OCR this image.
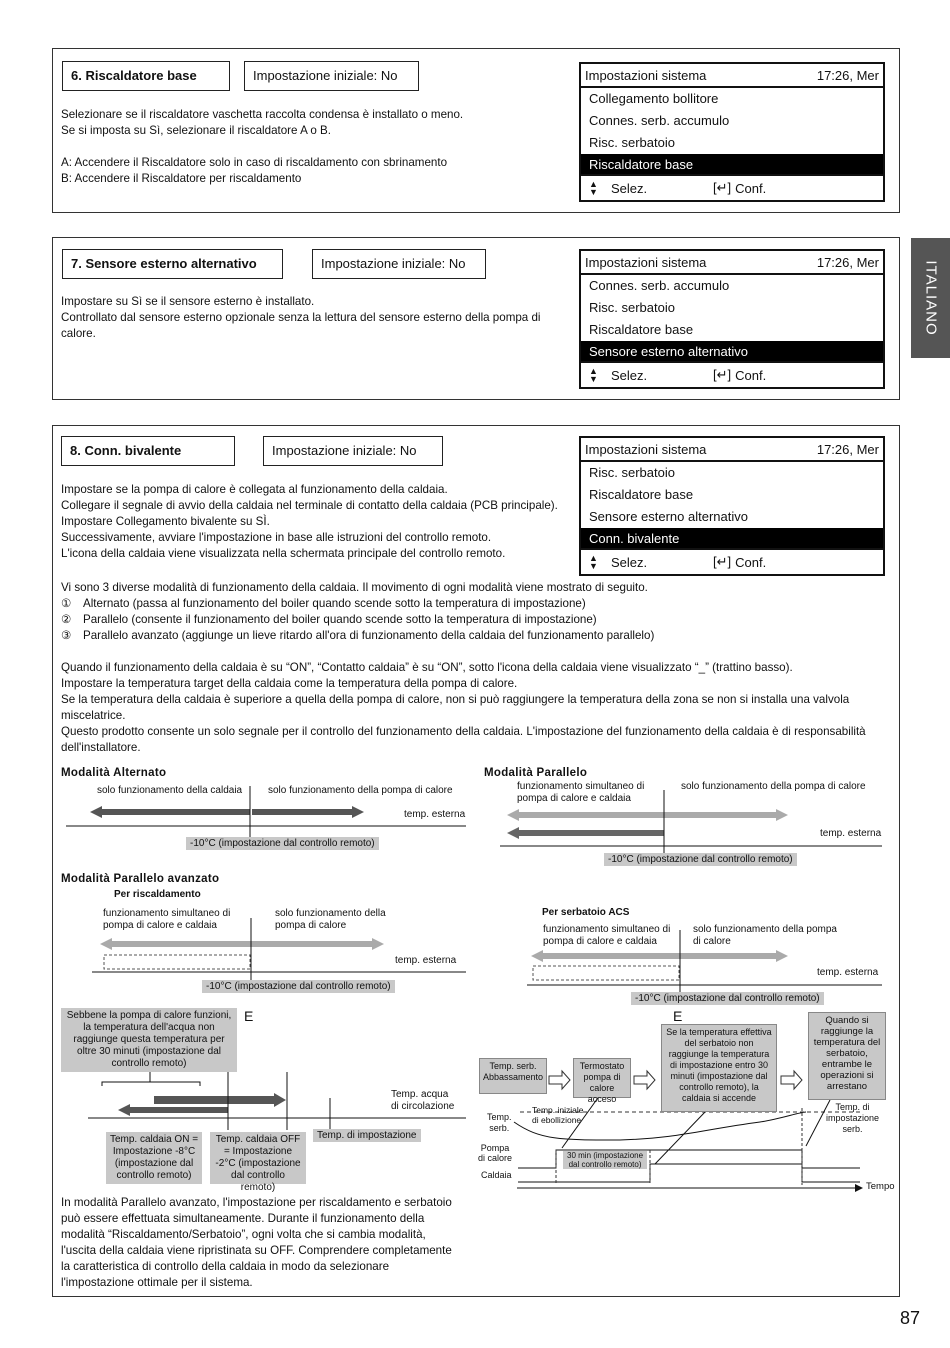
ITALIANO
6. Riscaldatore base	Impostazione iniziale: No

Selezionare se il riscaldatore vaschetta raccolta condensa è installato o meno.

Se si imposta su Sì, selezionare il riscaldatore A o B.

A: Accendere il Riscaldatore solo in caso di riscaldamento con sbrinamento

B: Accendere il Riscaldatore per riscaldamento

Impostazioni sistema	17:26, Mer
Collegamento bollitore
Connes. serb. accumulo
Risc. serbatoio
Riscaldatore base
▲
▼	Selez.	[↵] Conf.
7. Sensore esterno alternativo	Impostazione iniziale: No

Impostare su Sì se il sensore esterno è installato.

Controllato dal sensore esterno opzionale senza la lettura del sensore esterno della pompa di

calore.

Impostazioni sistema	17:26, Mer
Connes. serb. accumulo
Risc. serbatoio
Riscaldatore base
Sensore esterno alternativo
▲
▼	Selez.	[↵] Conf.
8. Conn. bivalente	Impostazione iniziale: No	Impostazioni sistema	17:26, Mer
Risc. serbatoio
Riscaldatore base
Sensore esterno alternativo
Conn. bivalente
▲
▼	Selez.	[↵] Conf.

Impostare se la pompa di calore è collegata al funzionamento della caldaia.

Collegare il segnale di avvio della caldaia nel terminale di contatto della caldaia (PCB principale).

Impostare Collegamento bivalente su SÌ.

Successivamente, avviare l'impostazione in base alle istruzioni del controllo remoto.

L'icona della caldaia viene visualizzata nella schermata principale del controllo remoto.

Vi sono 3 diverse modalità di funzionamento della caldaia. Il movimento di ogni modalità viene mostrato di seguito.
① Alternato (passa al funzionamento del boiler quando scende sotto la temperatura di impostazione)
② Parallelo (consente il funzionamento del boiler quando scende sotto la temperatura di impostazione)
③ Parallelo avanzato (aggiunge un lieve ritardo all'ora di funzionamento della caldaia del funzionamento parallelo)

Quando il funzionamento della caldaia è su “ON”, “Contatto caldaia” è su “ON”, sotto l'icona della caldaia viene visualizzato “_” (trattino basso).

Impostare la temperatura target della caldaia come la temperatura della pompa di calore.

Se la temperatura della caldaia è superiore a quella della pompa di calore, non si può raggiungere la temperatura della zona se non si installa una valvola

miscelatrice.

Questo prodotto consente un solo segnale per il controllo del funzionamento della caldaia. L'impostazione del funzionamento della caldaia è di responsabilità

dell'installatore.

Modalità Alternato
solo funzionamento della caldaia	solo funzionamento della pompa di calore
temp. esterna
-10°C (impostazione dal controllo remoto)
Modalità Parallelo
funzionamento simultaneo di
pompa di calore e caldaia
solo funzionamento della pompa di calore
temp. esterna
-10°C (impostazione dal controllo remoto)
Modalità Parallelo avanzato
Per riscaldamento
funzionamento simultaneo di
pompa di calore e caldaia
solo funzionamento della
pompa di calore
temp. esterna
-10°C (impostazione dal controllo remoto)
Per serbatoio ACS
funzionamento simultaneo di
pompa di calore e caldaia
solo funzionamento della pompa
di calore
temp. esterna
-10°C (impostazione dal controllo remoto)
Sebbene la pompa di calore funzioni, la temperatura dell'acqua non raggiunge questa temperatura per oltre 30 minuti (impostazione dal controllo remoto)
E
Temp. acqua
di circolazione
Temp. caldaia ON = Impostazione -8°C (impostazione dal controllo remoto)
Temp. caldaia OFF = Impostazione -2°C (impostazione dal controllo remoto)
Temp. di impostazione
E
Temp. serb. Abbassamento
Termostato pompa di calore acceso
Se la temperatura effettiva del serbatoio non raggiunge la temperatura di impostazione entro 30 minuti (impostazione dal controllo remoto), la caldaia si accende
Quando si raggiunge la temperatura del serbatoio, entrambe le operazioni si arrestano
Temp.
serb.
Temp. iniziale
di ebollizione
Temp. di
impostazione
serb.
Pompa
di calore
Caldaia
30 min (impostazione
dal controllo remoto)
Tempo

In modalità Parallelo avanzato, l'impostazione per riscaldamento e serbatoio

può essere effettuata simultaneamente. Durante il funzionamento della

modalità “Riscaldamento/Serbatoio”, ogni volta che si cambia modalità,

l'uscita della caldaia viene ripristinata su OFF. Comprendere completamente

la caratteristica di controllo della caldaia in modo da selezionare

l'impostazione ottimale per il sistema.

87
